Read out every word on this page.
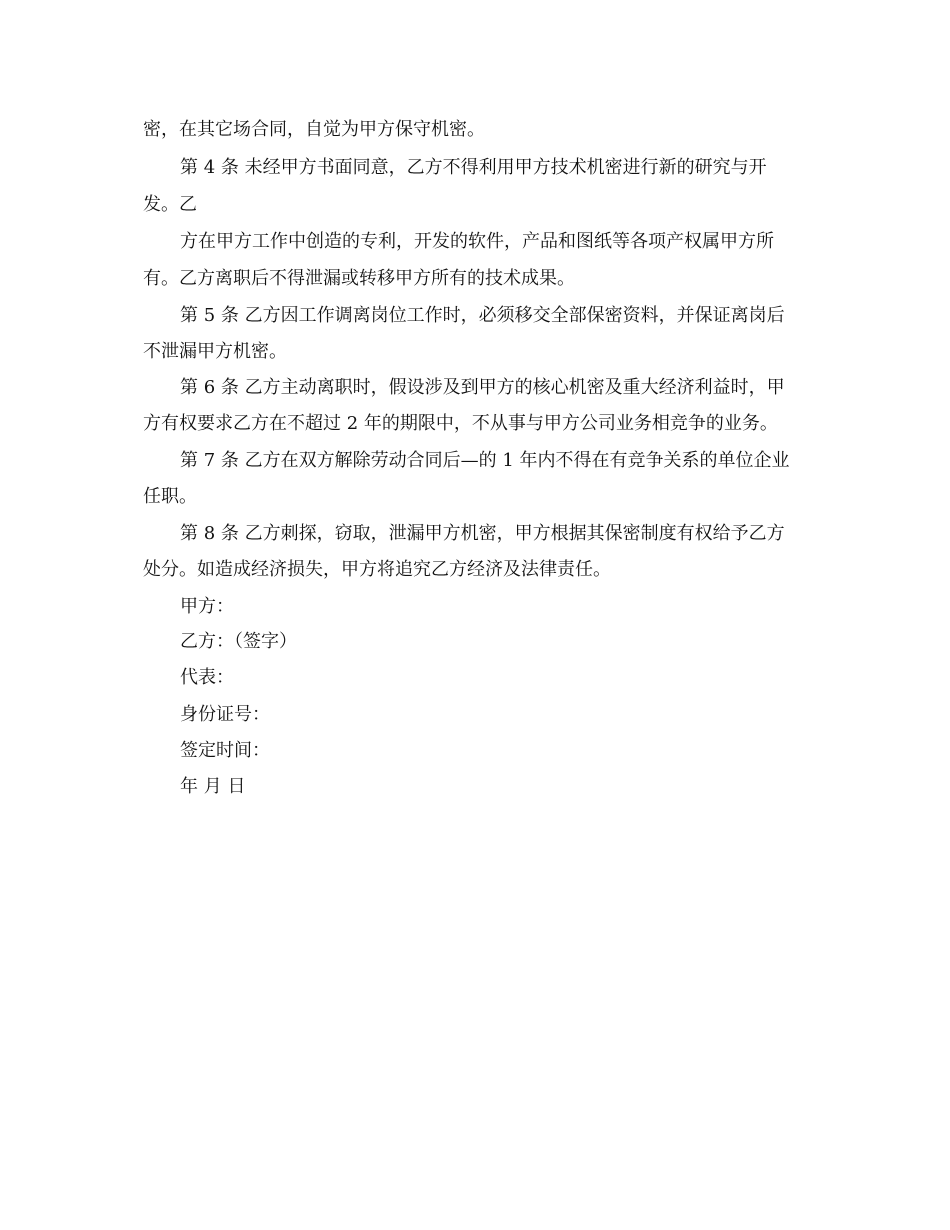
密，在其它场合同，自觉为甲方保守机密。
第 4 条 未经甲方书面同意，乙方不得利用甲方技术机密进行新的研究与开
发。乙
方在甲方工作中创造的专利，开发的软件，产品和图纸等各项产权属甲方所
有。乙方离职后不得泄漏或转移甲方所有的技术成果。
第 5 条 乙方因工作调离岗位工作时，必须移交全部保密资料，并保证离岗后
不泄漏甲方机密。
第 6 条 乙方主动离职时，假设涉及到甲方的核心机密及重大经济利益时，甲
方有权要求乙方在不超过 2 年的期限中，不从事与甲方公司业务相竞争的业务。
第 7 条 乙方在双方解除劳动合同后—的 1 年内不得在有竞争关系的单位企业
任职。
第 8 条 乙方刺探，窃取，泄漏甲方机密，甲方根据其保密制度有权给予乙方
处分。如造成经济损失，甲方将追究乙方经济及法律责任。
甲方：
乙方：（签字）
代表：
身份证号：
签定时间：
年 月 日
